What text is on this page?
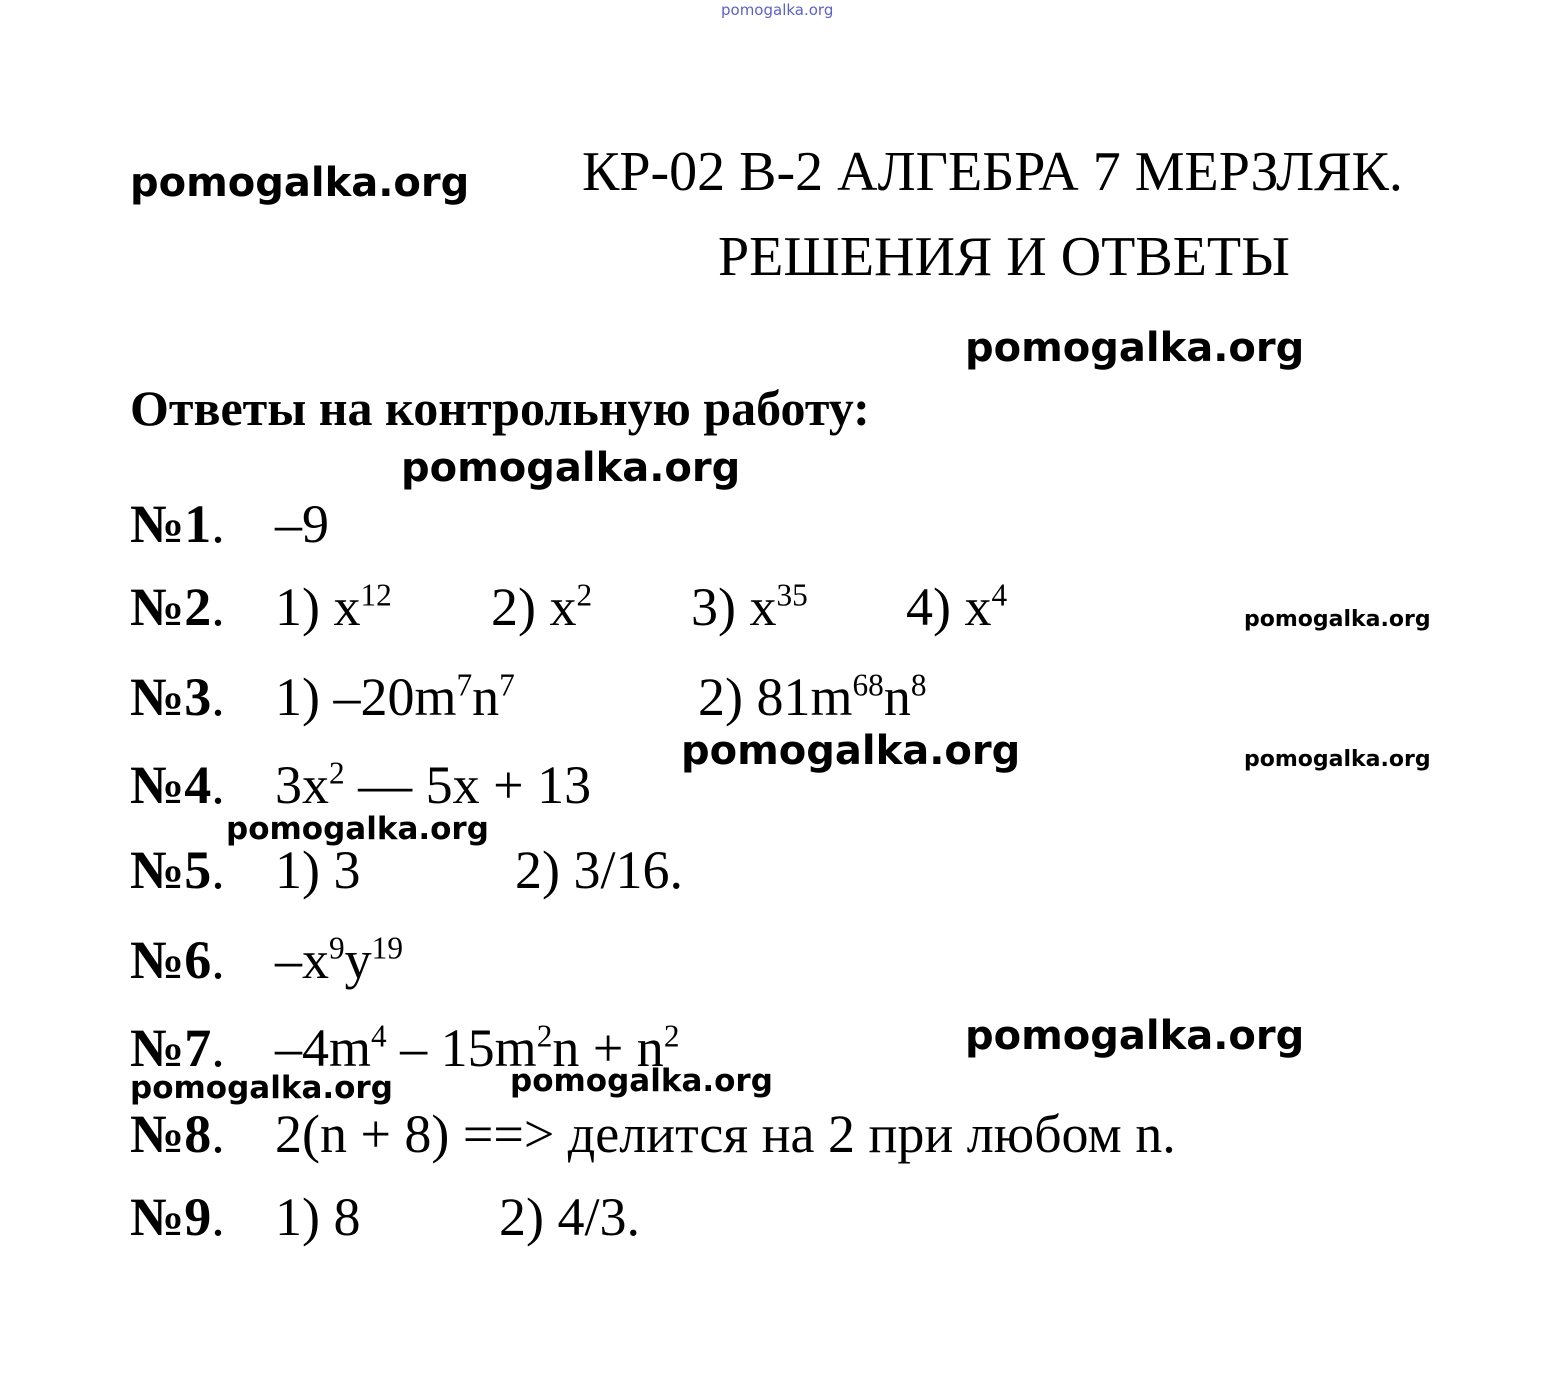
pomogalka.org
pomogalka.org
pomogalka.org
pomogalka.org
pomogalka.org
pomogalka.org	pomogalka.org
pomogalka.org
pomogalka.org
pomogalka.org	pomogalka.org
КР-02 В-2 АЛГЕБРА 7 МЕРЗЛЯК.
РЕШЕНИЯ И ОТВЕТЫ
Ответы на контрольную работу:
№1. –9
№2. 1) $x^{12}$ 2) $x^2$ 3) $x^{35}$ 4) $x^4$
№3. 1) $-20m^7n^7$	2) $81m^{68}n^8$
№4. $3x^2$ — 5x + 13
№5. 1) 3	2) 3/16.
№6. $-x^9y^{19}$
№7. $-4m^4 - 15m^2n + n^2$
№8. 2(n + 8) ==> делится на 2 при любом n.
№9. 1) 8	2) 4/3.
